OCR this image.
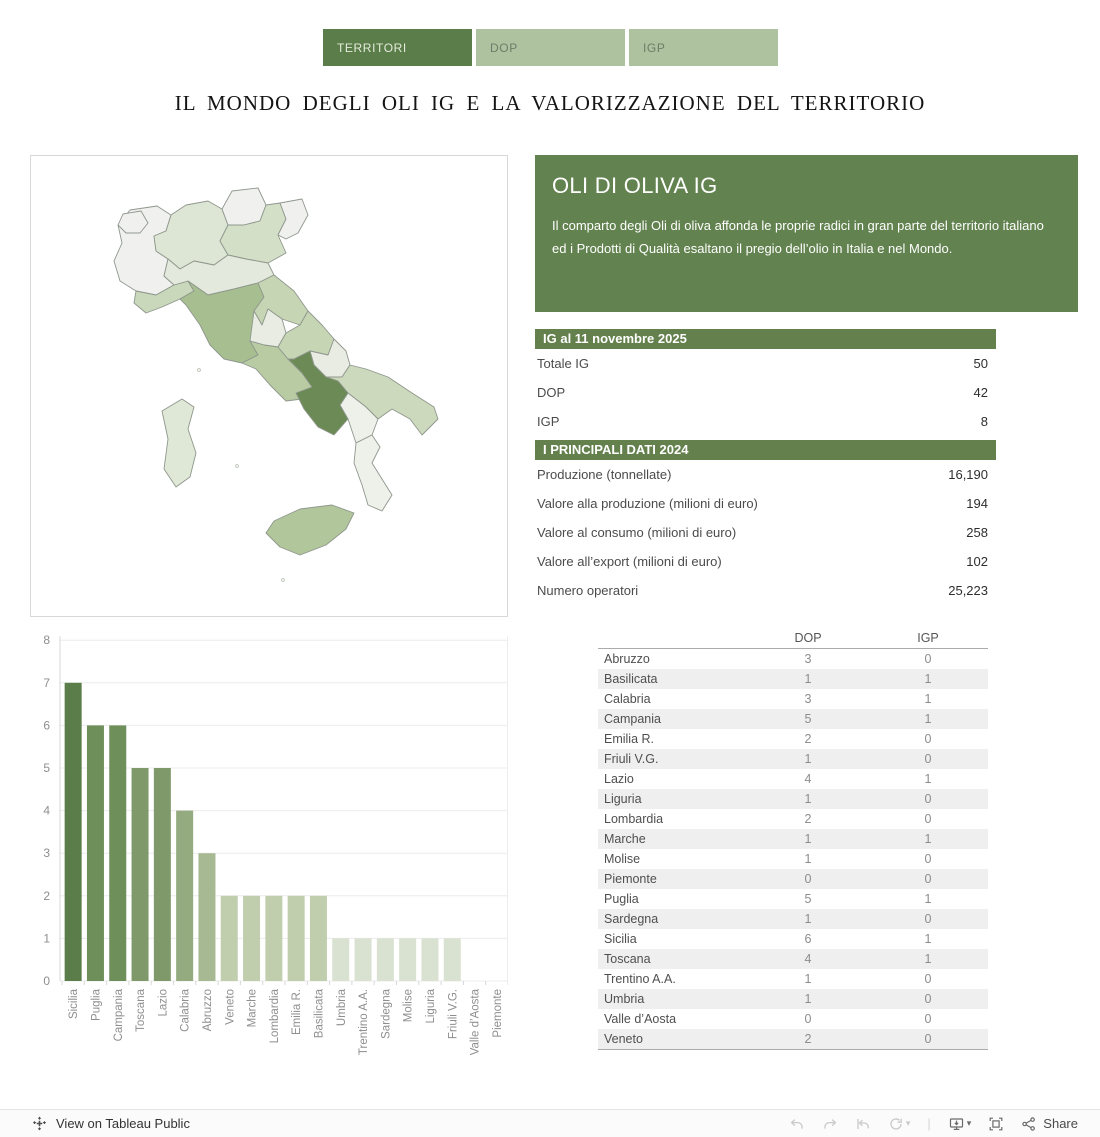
TERRITORI	DOP	IGP
IL MONDO DEGLI OLI IG E LA VALORIZZAZIONE DEL TERRITORIO
OLI DI OLIVA IG

Il comparto degli Oli di oliva affonda le proprie radici in gran parte del territorio italiano ed i Prodotti di Qualità esaltano il pregio dell’olio in Italia e nel Mondo.

IG al 11 novembre 2025
Totale IG	50
DOP	42
IGP	8
I PRINCIPALI DATI 2024
Produzione (tonnellate)	16,190
Valore alla produzione (milioni di euro)	194
Valore al consumo (milioni di euro)	258
Valore all’export (milioni di euro)	102
Numero operatori	25,223
DOP	IGP
Abruzzo	3	0
Basilicata	1	1
Calabria	3	1
Campania	5	1
Emilia R.	2	0
Friuli V.G.	1	0
Lazio	4	1
Liguria	1	0
Lombardia	2	0
Marche	1	1
Molise	1	0
Piemonte	0	0
Puglia	5	1
Sardegna	1	0
Sicilia	6	1
Toscana	4	1
Trentino A.A.	1	0
Umbria	1	0
Valle d’Aosta	0	0
Veneto	2	0
0
1
2
3
4
5
6
7
8
Sicilia Puglia Campania Toscana Lazio Calabria Abruzzo Veneto Marche Lombardia Emilia R. Basilicata Umbria Trentino A.A. Sardegna Molise Liguria Friuli V.G. Valle d’Aosta Piemonte
View on Tableau Public	▾ |	▾	Share
